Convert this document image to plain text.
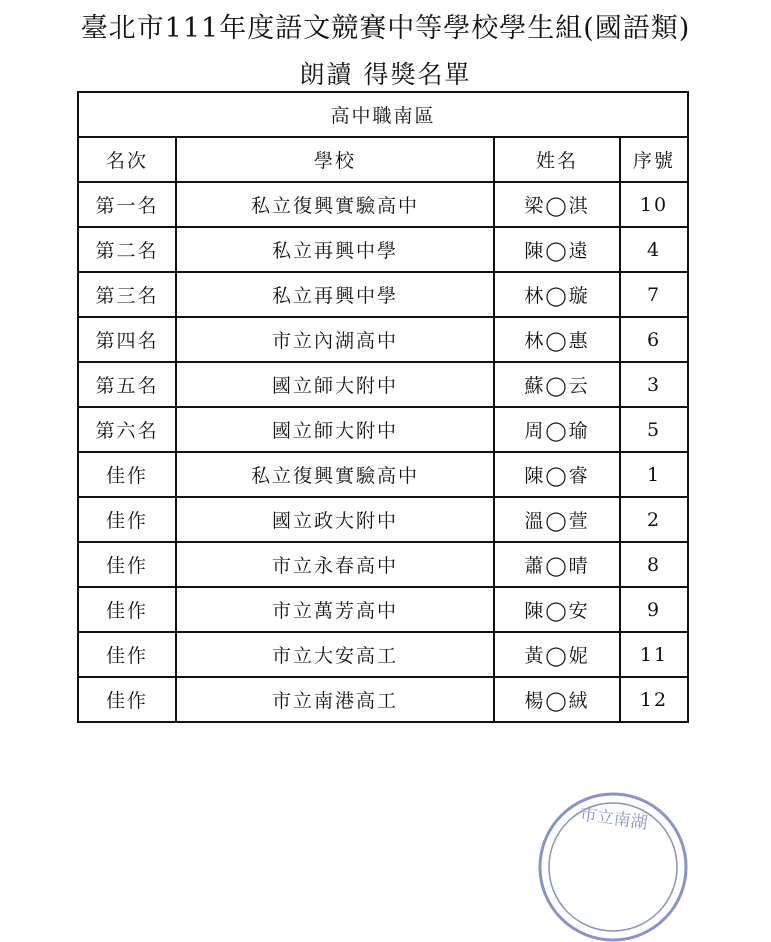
臺北市111年度語文競賽中等學校學生組(國語類)
朗讀 得獎名單
高中職南區			
名次	學校	姓名	序號
第一名	私立復興實驗高中	梁◯淇	10
第二名	私立再興中學	陳◯遠	4
第三名	私立再興中學	林◯璇	7
第四名	市立內湖高中	林◯惠	6
第五名	國立師大附中	蘇◯云	3
第六名	國立師大附中	周◯瑜	5
佳作	私立復興實驗高中	陳◯睿	1
佳作	國立政大附中	溫◯萱	2
佳作	市立永春高中	蕭◯晴	8
佳作	市立萬芳高中	陳◯安	9
佳作	市立大安高工	黃◯妮	11
佳作	市立南港高工	楊◯絨	12
市立南湖
